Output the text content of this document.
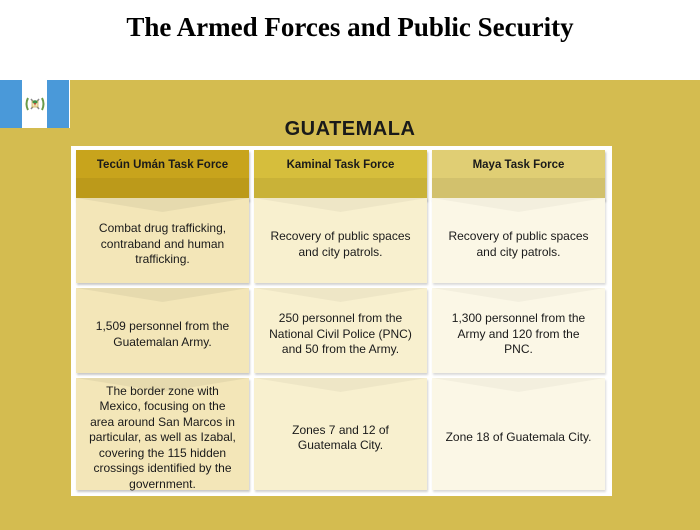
The Armed Forces and Public Security
GUATEMALA
Tecún Umán Task Force	Kaminal Task Force	Maya Task Force
Combat drug trafficking, contraband and human trafficking.
Recovery of public spaces and city patrols.
Recovery of public spaces and city patrols.
1,509 personnel from the Guatemalan Army.
250 personnel from the National Civil Police (PNC) and 50 from the Army.
1,300 personnel from the Army and 120 from the PNC.
The border zone with Mexico, focusing on the area around San Marcos in particular, as well as Izabal, covering the 115 hidden crossings identified by the government.
Zones 7 and 12 of Guatemala City.
Zone 18 of Guatemala City.
